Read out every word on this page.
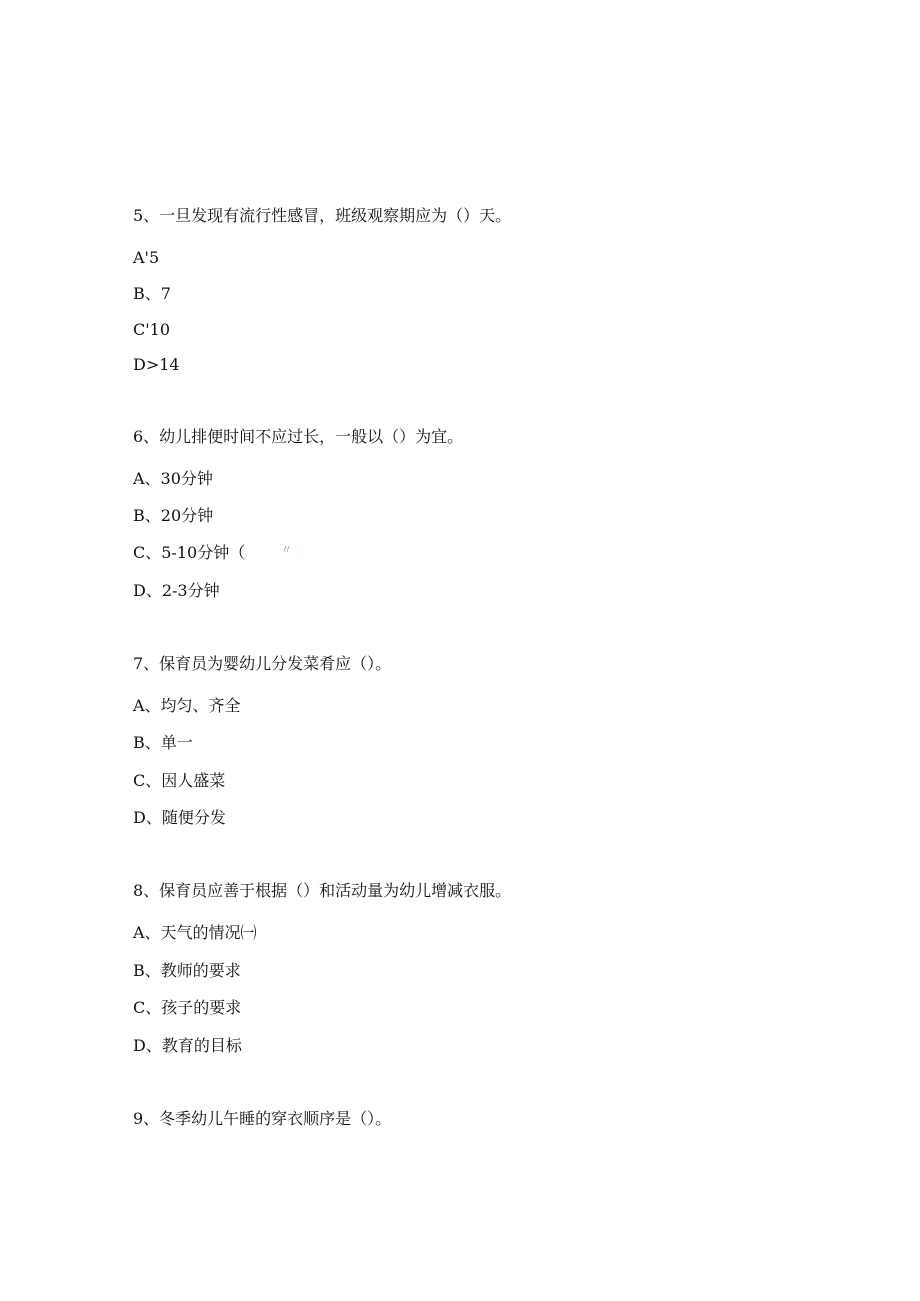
5、一旦发现有流行性感冒，班级观察期应为（）天。
A'5
B、7
C'10
D>14
6、幼儿排便时间不应过长，一般以（）为宜。
A、30分钟
B、20分钟
C、5-10分钟（	〃
D、2-3分钟
7、保育员为婴幼儿分发菜肴应（）。
A、均匀、齐全
B、单一
C、因人盛菜
D、随便分发
8、保育员应善于根据（）和活动量为幼儿增减衣服。
A、天气的情况㈠
B、教师的要求
C、孩子的要求
D、教育的目标
9、冬季幼儿午睡的穿衣顺序是（）。
